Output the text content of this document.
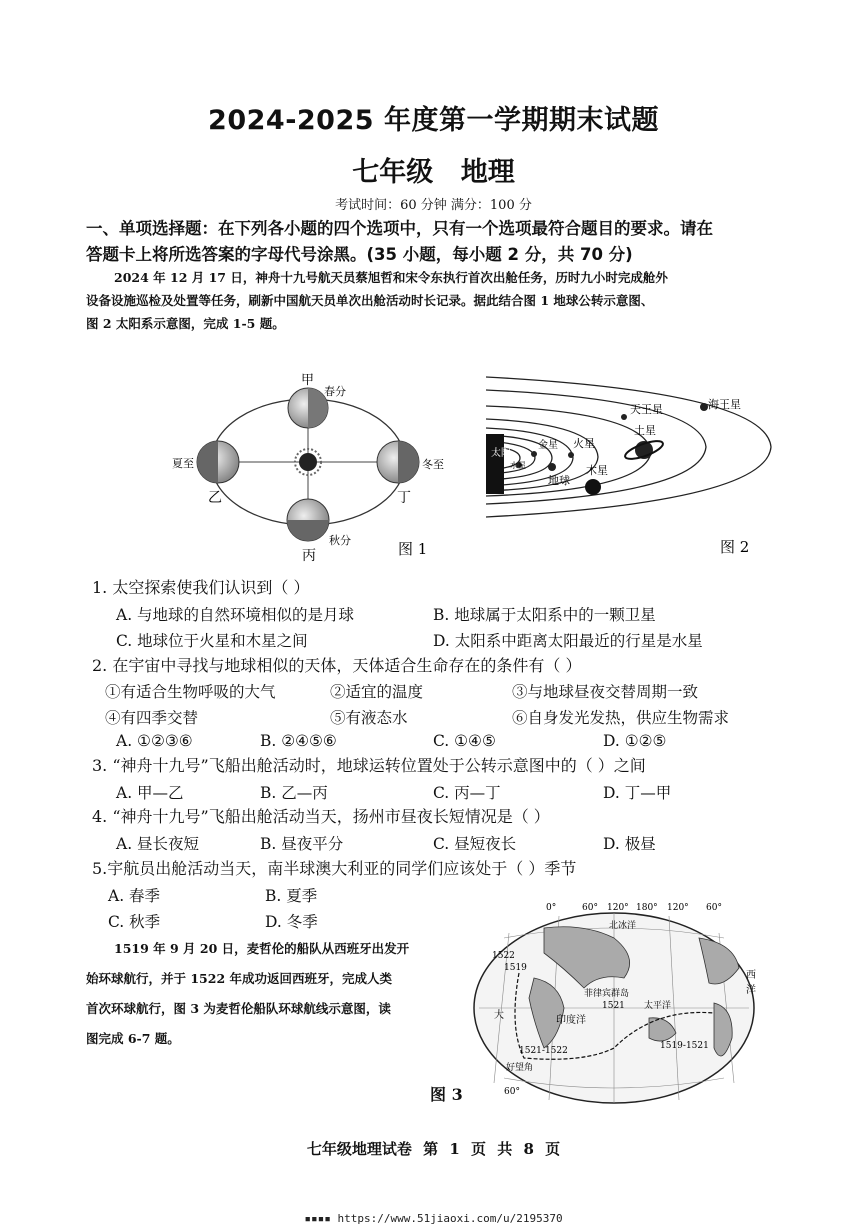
2024-2025 年度第一学期期末试题
七年级 地理
考试时间：60 分钟 满分：100 分
一、单项选择题：在下列各小题的四个选项中，只有一个选项最符合题目的要求。请在
答题卡上将所选答案的字母代号涂黑。(35 小题，每小题 2 分，共 70 分)
2024 年 12 月 17 日，神舟十九号航天员蔡旭哲和宋令东执行首次出舱任务，历时九小时完成舱外
设备设施巡检及处置等任务，刷新中国航天员单次出舱活动时长记录。据此结合图 1 地球公转示意图、
图 2 太阳系示意图，完成 1-5 题。
甲
春分
夏至
乙
冬至
丁
秋分
丙	图 1
太阳
水星
金星
地球
火星
木星
土星
天王星	海王星
图 2
1. 太空探索使我们认识到（ ）
A. 与地球的自然环境相似的是月球	B. 地球属于太阳系中的一颗卫星
C. 地球位于火星和木星之间	D. 太阳系中距离太阳最近的行星是水星
2. 在宇宙中寻找与地球相似的天体，天体适合生命存在的条件有（ ）
①有适合生物呼吸的大气	②适宜的温度	③与地球昼夜交替周期一致
④有四季交替	⑤有液态水	⑥自身发光发热，供应生物需求
A. ①②③⑥	B. ②④⑤⑥	C. ①④⑤	D. ①②⑤
3. “神舟十九号”飞船出舱活动时，地球运转位置处于公转示意图中的（ ）之间
A. 甲—乙	B. 乙—丙	C. 丙—丁	D. 丁—甲
4. “神舟十九号”飞船出舱活动当天，扬州市昼夜长短情况是（ ）
A. 昼长夜短	B. 昼夜平分	C. 昼短夜长	D. 极昼
5.宇航员出舱活动当天，南半球澳大利亚的同学们应该处于（ ）季节
A. 春季	B. 夏季
C. 秋季	D. 冬季
1519 年 9 月 20 日，麦哲伦的船队从西班牙出发开
始环球航行，并于 1522 年成功返回西班牙，完成人类
首次环球航行，图 3 为麦哲伦船队环球航线示意图，读
图完成 6-7 题。
0°	60° 120° 180° 120° 60°
北冰洋
1522
1519
菲律宾群岛
1521 太平洋
印度洋
1521-1522	1519-1521
好望角
大
西
洋
60°
图 3
七年级地理试卷 第 1 页 共 8 页
▪▪▪▪ https://www.51jiaoxi.com/u/2195370
